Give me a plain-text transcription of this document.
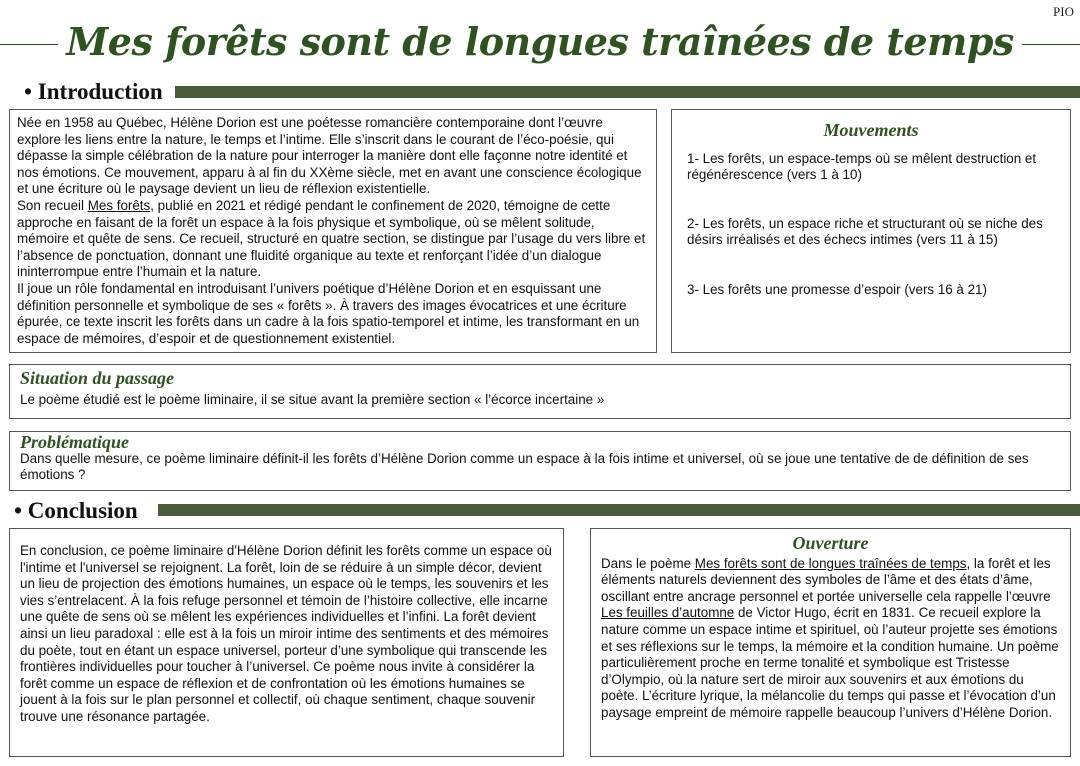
PIO
Mes forêts sont de longues traînées de temps
• Introduction

Née en 1958 au Québec, Hélène Dorion est une poétesse romancière contemporaine dont l’œuvre explore les liens entre la nature, le temps et l’intime. Elle s’inscrit dans le courant de l’éco-poésie, qui dépasse la simple célébration de la nature pour interroger la manière dont elle façonne notre identité et nos émotions. Ce mouvement, apparu à al fin du XXème siècle, met en avant une conscience écologique et une écriture où le paysage devient un lieu de réflexion existentielle.

Son recueil Mes forêts, publié en 2021 et rédigé pendant le confinement de 2020, témoigne de cette approche en faisant de la forêt un espace à la fois physique et symbolique, où se mêlent solitude, mémoire et quête de sens. Ce recueil, structuré en quatre section, se distingue par l’usage du vers libre et l’absence de ponctuation, donnant une fluidité organique au texte et renforçant l’idée d’un dialogue ininterrompue entre l’humain et la nature.

Il joue un rôle fondamental en introduisant l’univers poétique d’Hélène Dorion et en esquissant une définition personnelle et symbolique de ses « forêts ». À travers des images évocatrices et une écriture épurée, ce texte inscrit les forêts dans un cadre à la fois spatio-temporel et intime, les transformant en un espace de mémoires, d’espoir et de questionnement existentiel.

Mouvements

1- Les forêts, un espace-temps où se mêlent destruction et régénérescence (vers 1 à 10)

2- Les forêts, un espace riche et structurant où se niche des désirs irréalisés et des échecs intimes (vers 11 à 15)

3- Les forêts une promesse d’espoir (vers 16 à 21)

Situation du passage

Le poème étudié est le poème liminaire, il se situe avant la première section « l’écorce incertaine »

Problématique

Dans quelle mesure, ce poème liminaire définit-il les forêts d’Hélène Dorion comme un espace à la fois intime et universel, où se joue une tentative de de définition de ses émotions ?

• Conclusion

En conclusion, ce poème liminaire d'Hélène Dorion définit les forêts comme un espace où l'intime et l'universel se rejoignent. La forêt, loin de se réduire à un simple décor, devient un lieu de projection des émotions humaines, un espace où le temps, les souvenirs et les vies s’entrelacent. À la fois refuge personnel et témoin de l’histoire collective, elle incarne une quête de sens où se mêlent les expériences individuelles et l’infini. La forêt devient ainsi un lieu paradoxal : elle est à la fois un miroir intime des sentiments et des mémoires du poète, tout en étant un espace universel, porteur d’une symbolique qui transcende les frontières individuelles pour toucher à l’universel. Ce poème nous invite à considérer la forêt comme un espace de réflexion et de confrontation où les émotions humaines se jouent à la fois sur le plan personnel et collectif, où chaque sentiment, chaque souvenir trouve une résonance partagée.

Ouverture

Dans le poème Mes forêts sont de longues traînées de temps, la forêt et les éléments naturels deviennent des symboles de l’âme et des états d’âme, oscillant entre ancrage personnel et portée universelle cela rappelle l’œuvre Les feuilles d’automne de Victor Hugo, écrit en 1831. Ce recueil explore la nature comme un espace intime et spirituel, où l’auteur projette ses émotions et ses réflexions sur le temps, la mémoire et la condition humaine. Un poème particulièrement proche en terme tonalité et symbolique est Tristesse d’Olympio, où la nature sert de miroir aux souvenirs et aux émotions du poète. L’écriture lyrique, la mélancolie du temps qui passe et l’évocation d’un paysage empreint de mémoire rappelle beaucoup l’univers d’Hélène Dorion.
